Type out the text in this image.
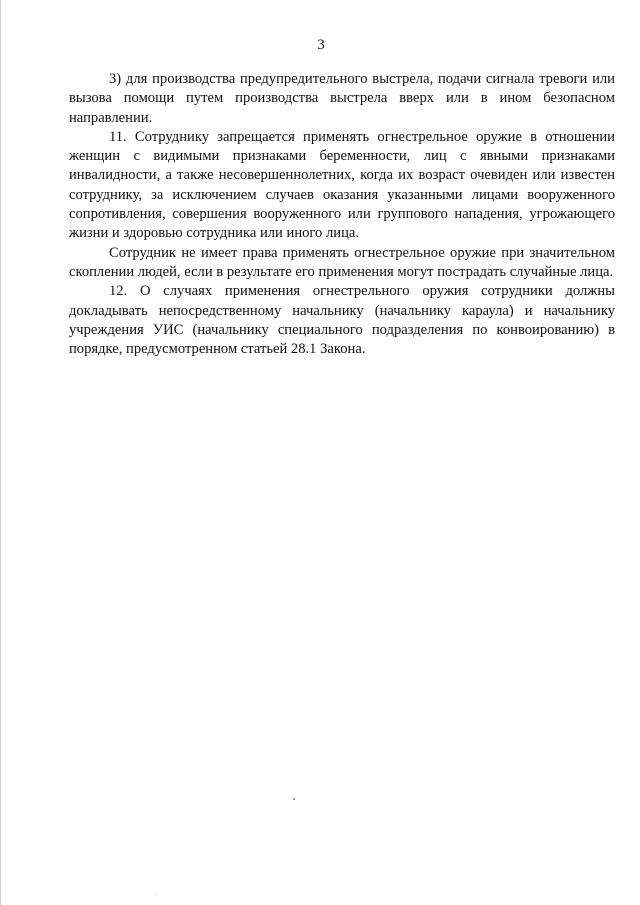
3

3) для производства предупредительного выстрела, подачи сигнала тревоги или вызова помощи путем производства выстрела вверх или в ином безопасном направлении.

11. Сотруднику запрещается применять огнестрельное оружие в отношении женщин с видимыми признаками беременности, лиц с явными признаками инвалидности, а также несовершеннолетних, когда их возраст очевиден или известен сотруднику, за исключением случаев оказания указанными лицами вооруженного сопротивления, совершения вооруженного или группового нападения, угрожающего жизни и здоровью сотрудника или иного лица.

Сотрудник не имеет права применять огнестрельное оружие при значительном скоплении людей, если в результате его применения могут пострадать случайные лица.

12. О случаях применения огнестрельного оружия сотрудники должны докладывать непосредственному начальнику (начальнику караула) и начальнику учреждения УИС (начальнику специального подразделения по конвоированию) в порядке, предусмотренном статьей 28.1 Закона.
